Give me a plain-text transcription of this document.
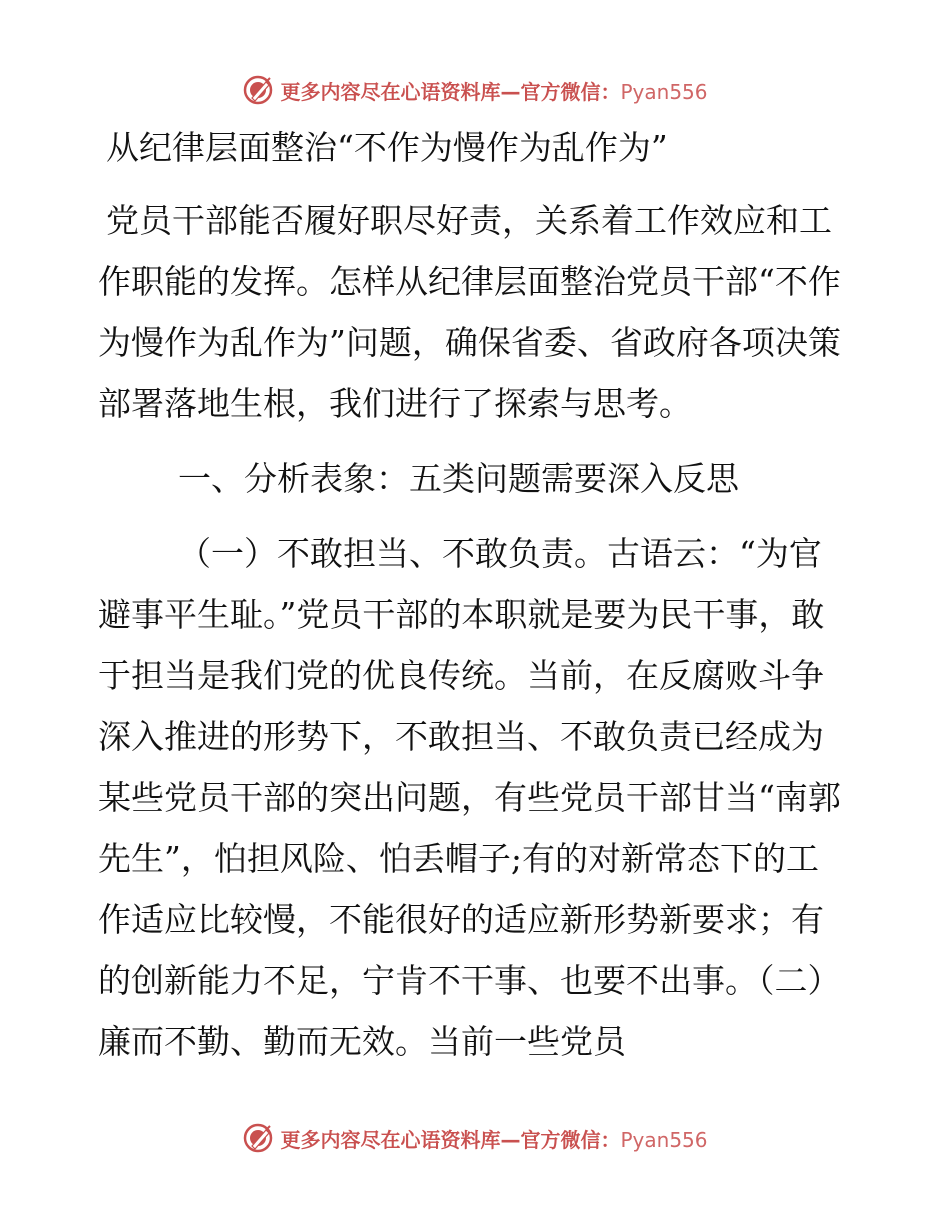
更多内容尽在心语资料库—官方微信：Pyan556

从纪律层面整治“不作为慢作为乱作为”

党员干部能否履好职尽好责，关系着工作效应和工作职能的发挥。怎样从纪律层面整治党员干部“不作为慢作为乱作为”问题，确保省委、省政府各项决策部署落地生根，我们进行了探索与思考。

一、分析表象：五类问题需要深入反思

（一）不敢担当、不敢负责。古语云：“为官避事平生耻。”党员干部的本职就是要为民干事，敢于担当是我们党的优良传统。当前，在反腐败斗争深入推进的形势下，不敢担当、不敢负责已经成为某些党员干部的突出问题，有些党员干部甘当“南郭先生”，怕担风险、怕丢帽子;有的对新常态下的工作适应比较慢，不能很好的适应新形势新要求；有的创新能力不足，宁肯不干事、也要不出事。（二）廉而不勤、勤而无效。当前一些党员

更多内容尽在心语资料库—官方微信：Pyan556
